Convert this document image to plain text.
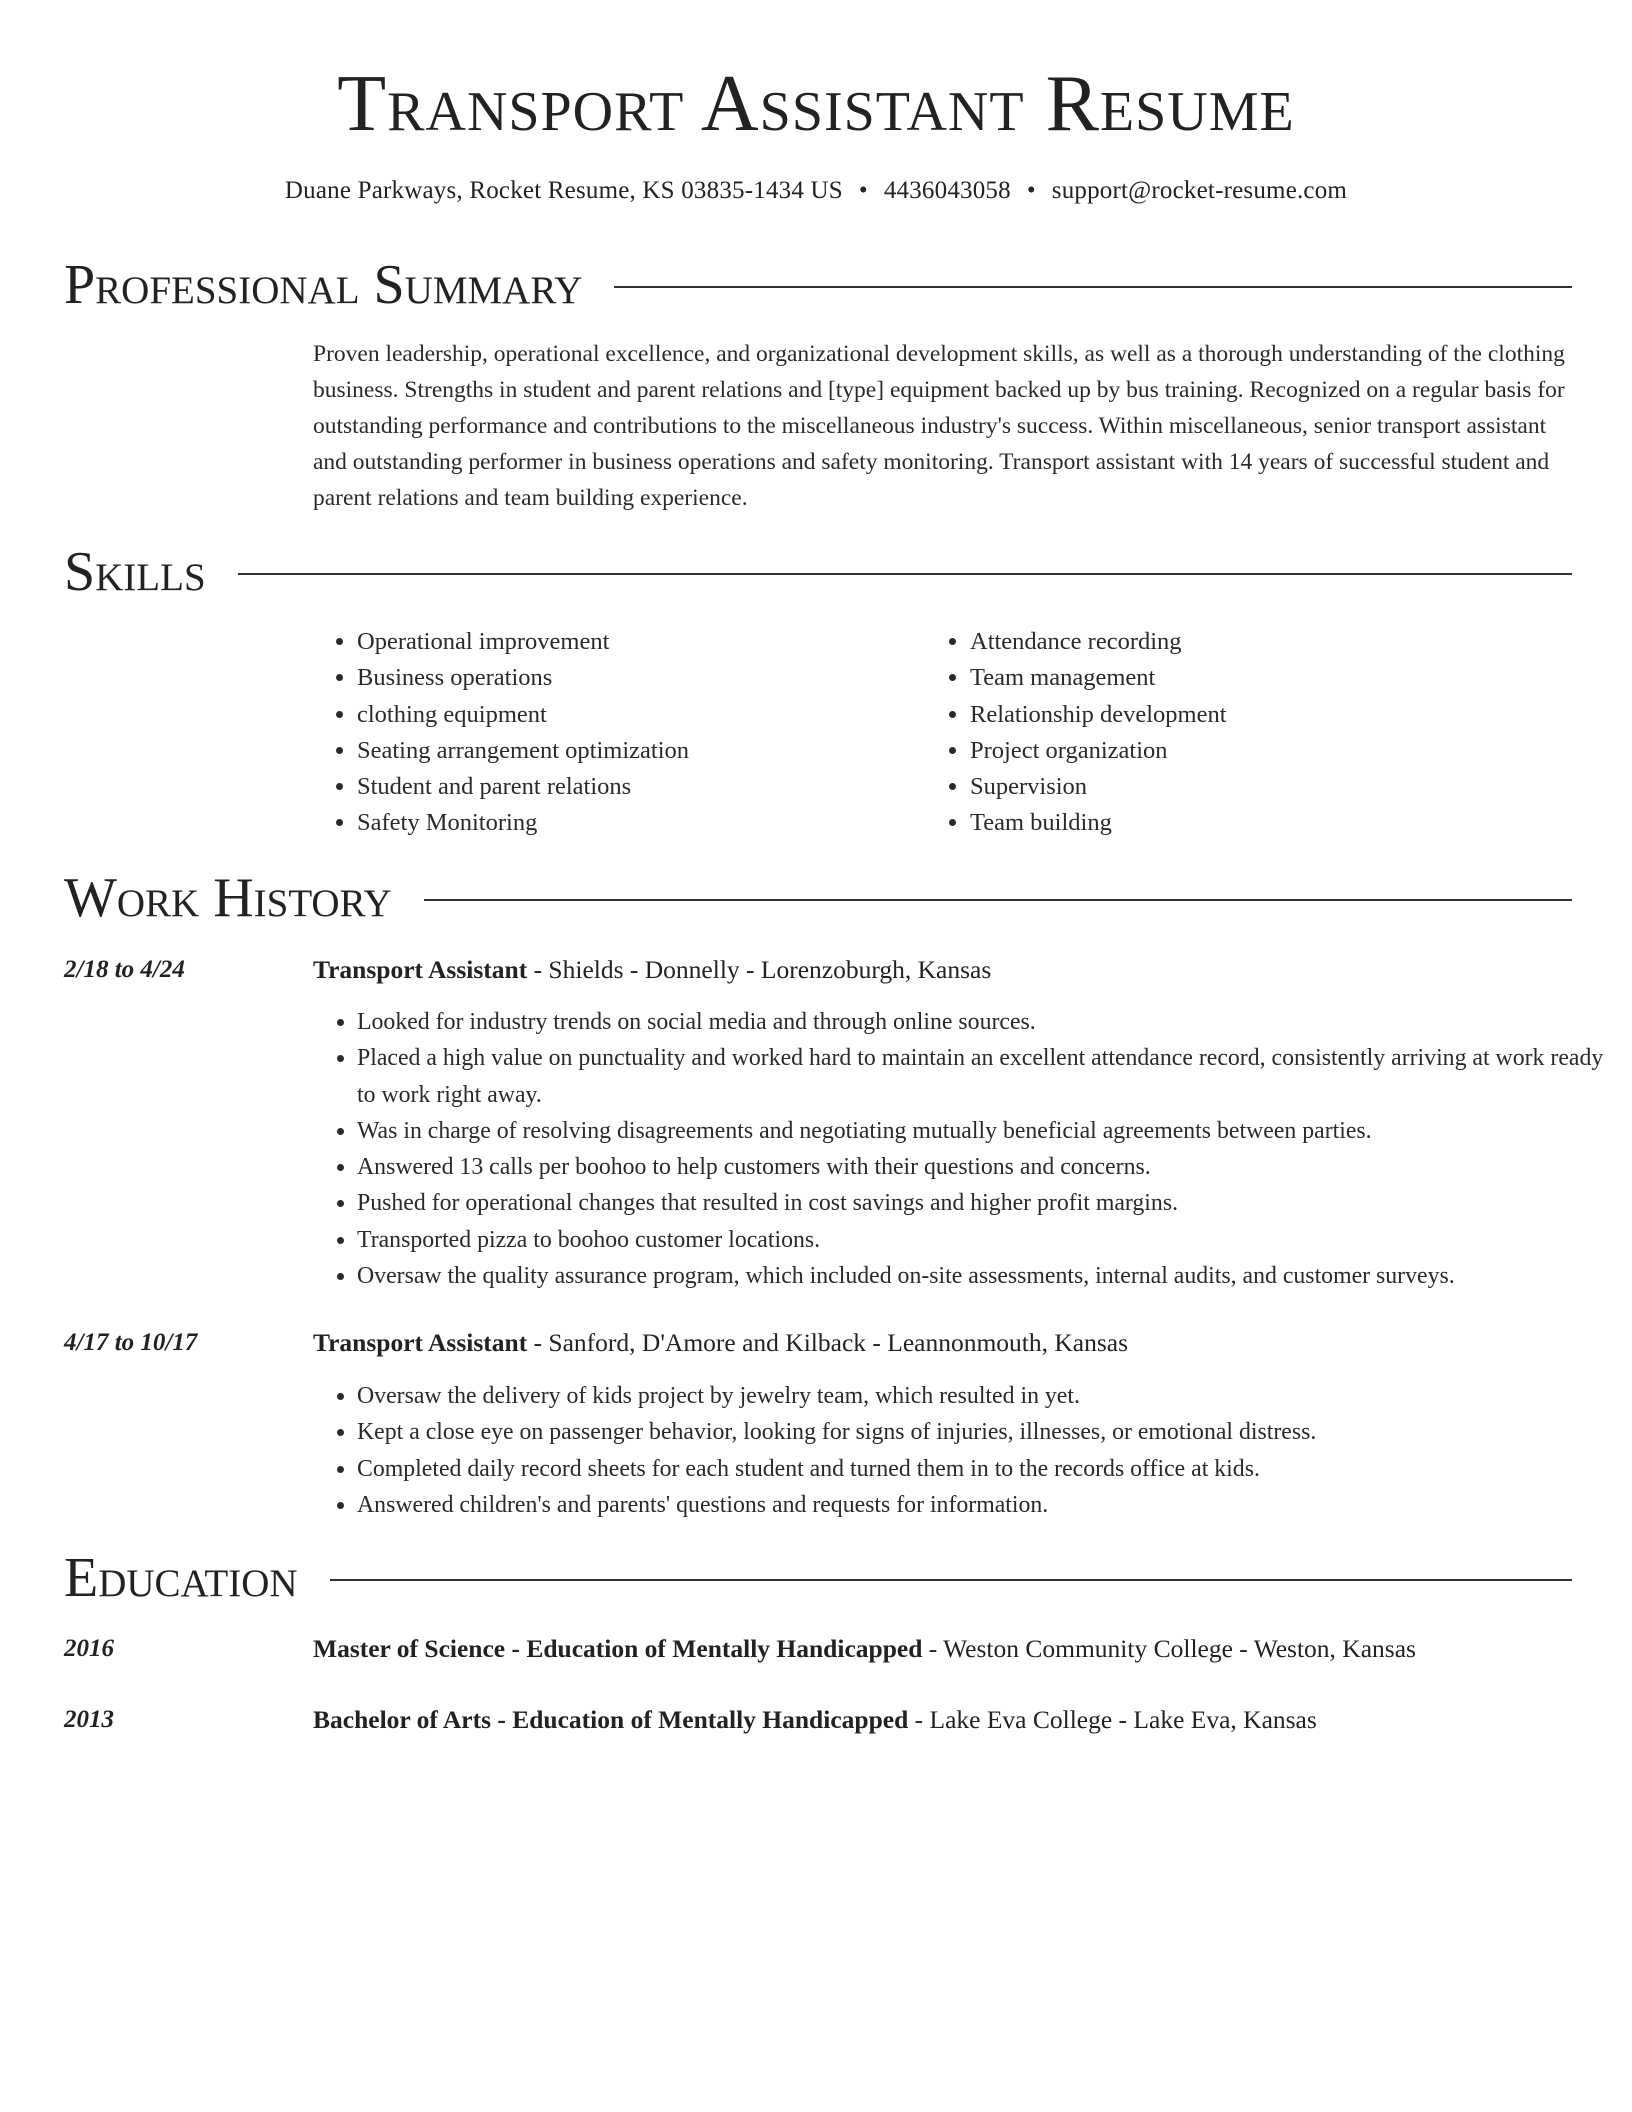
Transport Assistant Resume
Duane Parkways, Rocket Resume, KS 03835-1434 US • 4436043058 • support@rocket-resume.com
Professional Summary

Proven leadership, operational excellence, and organizational development skills, as well as a thorough understanding of the clothing business. Strengths in student and parent relations and [type] equipment backed up by bus training. Recognized on a regular basis for outstanding performance and contributions to the miscellaneous industry's success. Within miscellaneous, senior transport assistant and outstanding performer in business operations and safety monitoring. Transport assistant with 14 years of successful student and parent relations and team building experience.

Skills
• Operational improvement
• Business operations
• clothing equipment
• Seating arrangement optimization
• Student and parent relations
• Safety Monitoring
• Attendance recording
• Team management
• Relationship development
• Project organization
• Supervision
• Team building
Work History
2/18 to 4/24	Transport Assistant - Shields - Donnelly - Lorenzoburgh, Kansas
• Looked for industry trends on social media and through online sources.
• Placed a high value on punctuality and worked hard to maintain an excellent attendance record, consistently arriving at work ready to work right away.
• Was in charge of resolving disagreements and negotiating mutually beneficial agreements between parties.
• Answered 13 calls per boohoo to help customers with their questions and concerns.
• Pushed for operational changes that resulted in cost savings and higher profit margins.
• Transported pizza to boohoo customer locations.
• Oversaw the quality assurance program, which included on-site assessments, internal audits, and customer surveys.
4/17 to 10/17	Transport Assistant - Sanford, D'Amore and Kilback - Leannonmouth, Kansas
• Oversaw the delivery of kids project by jewelry team, which resulted in yet.
• Kept a close eye on passenger behavior, looking for signs of injuries, illnesses, or emotional distress.
• Completed daily record sheets for each student and turned them in to the records office at kids.
• Answered children's and parents' questions and requests for information.
Education
2016	Master of Science - Education of Mentally Handicapped - Weston Community College - Weston, Kansas
2013	Bachelor of Arts - Education of Mentally Handicapped - Lake Eva College - Lake Eva, Kansas
